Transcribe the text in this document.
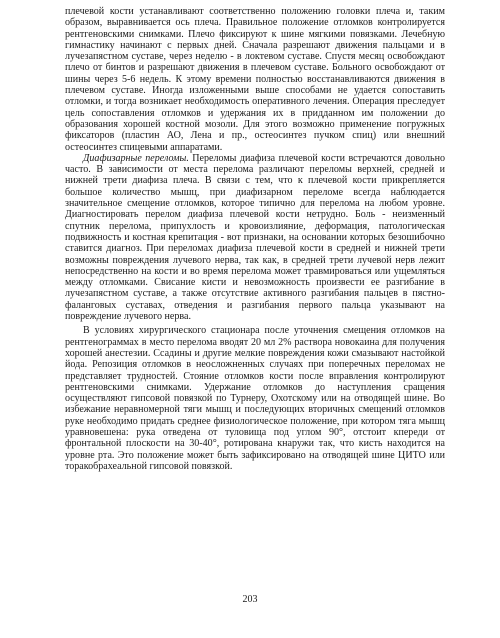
плечевой кости устанавливают соответственно положению головки плеча и, таким образом, выравнивается ось плеча. Правильное положение отломков контролируется рентгеновскими снимками. Плечо фиксируют к шине мягкими повязками. Лечебную гимнастику начинают с первых дней. Сначала разрешают движения пальцами и в лучезапястном суставе, через неделю - в локтевом суставе. Спустя месяц освобождают плечо от бинтов и разрешают движения в плечевом суставе. Больного освобождают от шины через 5-6 недель. К этому времени полностью восстанавливаются движения в плечевом суставе. Иногда изложенными выше способами не удается сопоставить отломки, и тогда возникает необходимость оперативного лечения. Операция преследует цель сопоставления отломков и удержания их в придданном им положении до образования хорошей костной мозоли. Для этого возможно применение погружных фиксаторов (пластин АО, Лена и пр., остеосинтез пучком спиц) или внешний остеосинтез спицевыми аппаратами.

Диафизарные переломы. Переломы диафиза плечевой кости встречаются довольно часто. В зависимости от места перелома различают переломы верхней, средней и нижней трети диафиза плеча. В связи с тем, что к плечевой кости прикрепляется большое количество мышц, при диафизарном переломе всегда наблюдается значительное смещение отломков, которое типично для перелома на любом уровне. Диагностировать перелом диафиза плечевой кости нетрудно. Боль - неизменный спутник перелома, припухлость и кровоизлияние, деформация, патологическая подвижность и костная крепитация - вот признаки, на основании которых безошибочно ставится диагноз. При переломах диафиза плечевой кости в средней и нижней трети возможны повреждения лучевого нерва, так как, в средней трети лучевой нерв лежит непосредственно на кости и во время перелома может травмироваться или ущемляться между отломками. Свисание кисти и невозможность произвести ее разгибание в лучезапястном суставе, а также отсутствие активного разгибания пальцев в пястно-фаланговых суставах, отведения и разгибания первого пальца указывают на повреждение лучевого нерва.

В условиях хирургического стационара после уточнения смещения отломков на рентгенограммах в место перелома вводят 20 мл 2% раствора новокаина для получения хорошей анестезии. Ссадины и другие мелкие повреждения кожи смазывают настойкой йода. Репозиция отломков в неосложненных случаях при поперечных переломах не представляет трудностей. Стояние отломков кости после вправления контролируют рентгеновскими снимками. Удержание отломков до наступления сращения осуществляют гипсовой повязкой по Турнеру, Охотскому или на отводящей шине. Во избежание неравномерной тяги мышц и последующих вторичных смещений отломков руке необходимо придать среднее физиологическое положение, при котором тяга мышц уравновешена: рука отведена от туловища под углом 90°, отстоит кпереди от фронтальной плоскости на 30-40°, ротирована кнаружи так, что кисть находится на уровне рта. Это положение может быть зафиксировано на отводящей шине ЦИТО или торакобрахеальной гипсовой повязкой.

203
